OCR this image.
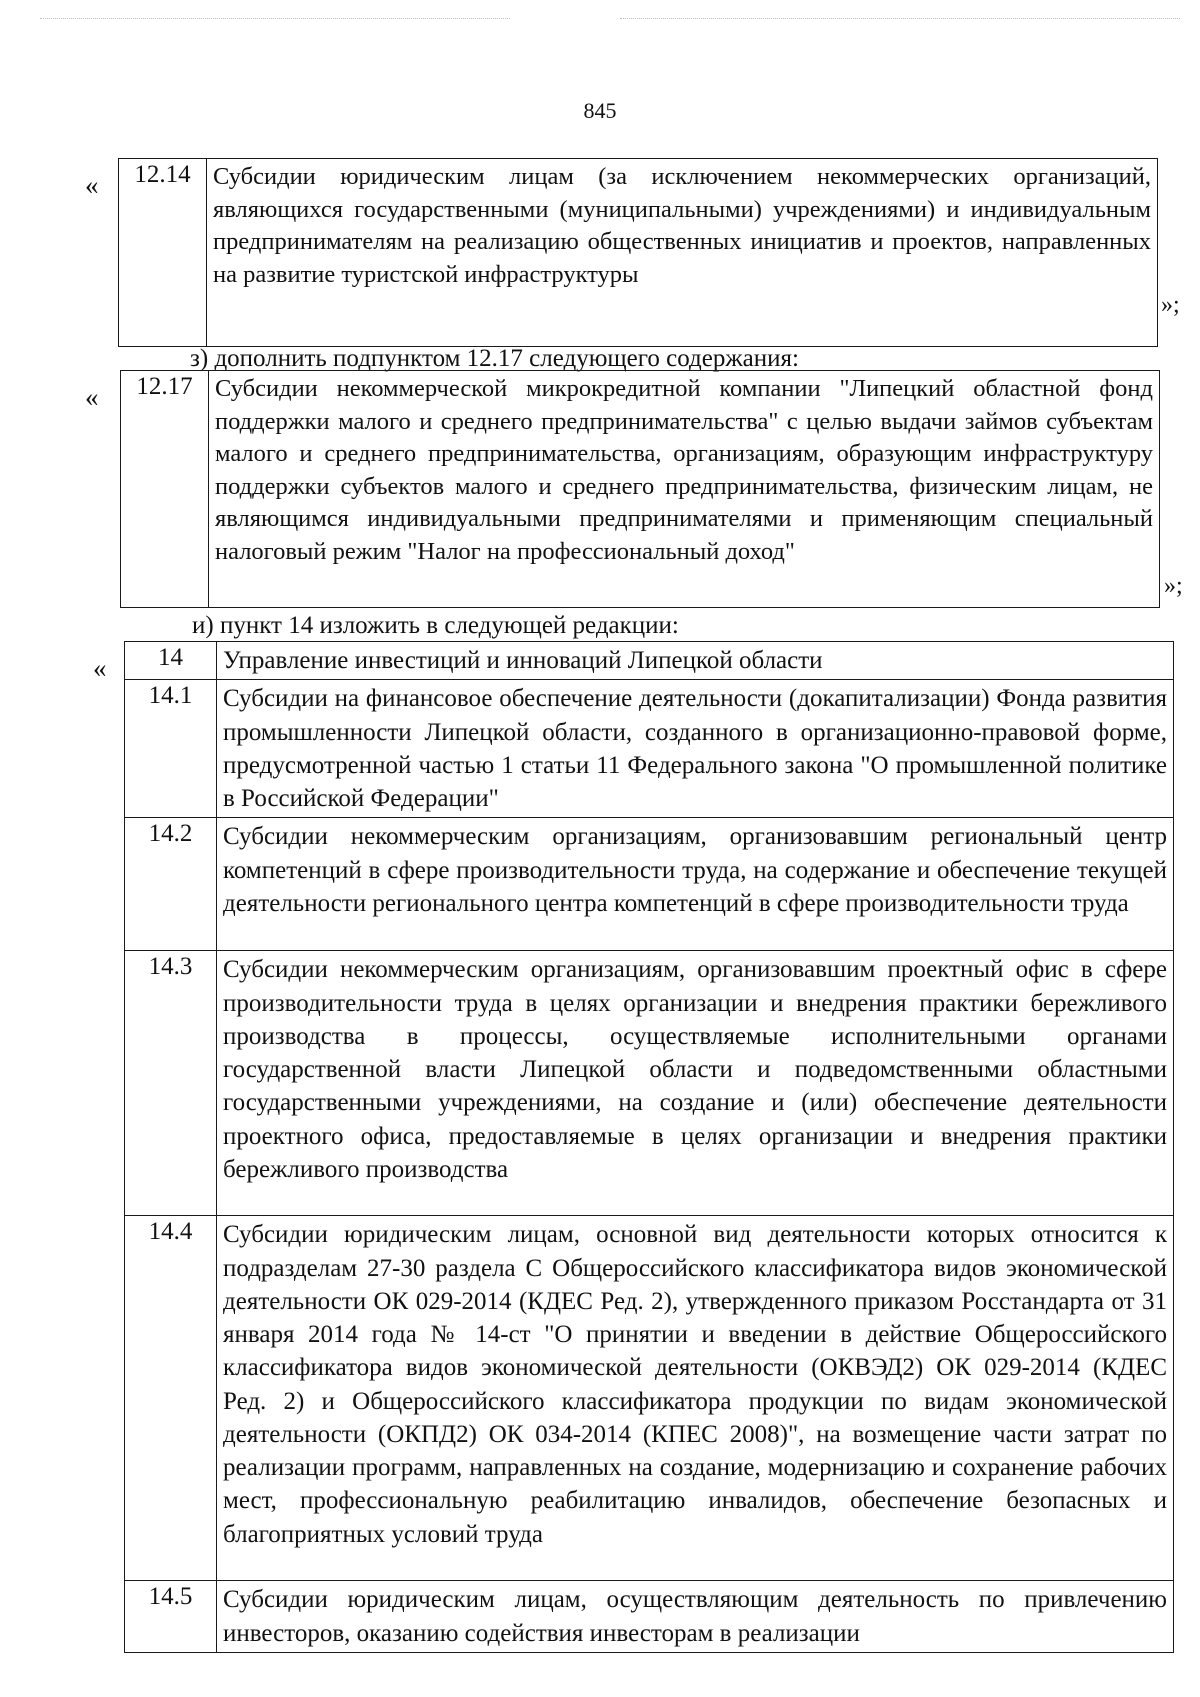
845
« 12.14	Субсидии юридическим лицам (за исключением некоммерческих организаций, являющихся государственными (муниципальными) учреждениями) и индивидуальным предпринимателям на реализацию общественных инициатив и проектов, направленных на развитие туристской инфраструктуры
»;
з) дополнить подпунктом 12.17 следующего содержания:
« 12.17	Субсидии некоммерческой микрокредитной компании "Липецкий областной фонд поддержки малого и среднего предпринимательства" с целью выдачи займов субъектам малого и среднего предпринимательства, организациям, образующим инфраструктуру поддержки субъектов малого и среднего предпринимательства, физическим лицам, не являющимся индивидуальными предпринимателями и применяющим специальный налоговый режим "Налог на профессиональный доход"
»;
и) пункт 14 изложить в следующей редакции:
« 14	Управление инвестиций и инноваций Липецкой области
14.1	Субсидии на финансовое обеспечение деятельности (докапитализации) Фонда развития промышленности Липецкой области, созданного в организационно-правовой форме, предусмотренной частью 1 статьи 11 Федерального закона "О промышленной политике в Российской Федерации"
14.2	Субсидии некоммерческим организациям, организовавшим региональный центр компетенций в сфере производительности труда, на содержание и обеспечение текущей деятельности регионального центра компетенций в сфере производительности труда
14.3	Субсидии некоммерческим организациям, организовавшим проектный офис в сфере производительности труда в целях организации и внедрения практики бережливого производства в процессы, осуществляемые исполнительными органами государственной власти Липецкой области и подведомственными областными государственными учреждениями, на создание и (или) обеспечение деятельности проектного офиса, предоставляемые в целях организации и внедрения практики бережливого производства
14.4	Субсидии юридическим лицам, основной вид деятельности которых относится к подразделам 27-30 раздела С Общероссийского классификатора видов экономической деятельности ОК 029-2014 (КДЕС Ред. 2), утвержденного приказом Росстандарта от 31 января 2014 года № 14-ст "О принятии и введении в действие Общероссийского классификатора видов экономической деятельности (ОКВЭД2) ОК 029-2014 (КДЕС Ред. 2) и Общероссийского классификатора продукции по видам экономической деятельности (ОКПД2) ОК 034-2014 (КПЕС 2008)", на возмещение части затрат по реализации программ, направленных на создание, модернизацию и сохранение рабочих мест, профессиональную реабилитацию инвалидов, обеспечение безопасных и благоприятных условий труда
14.5	Субсидии юридическим лицам, осуществляющим деятельность по привлечению инвесторов, оказанию содействия инвесторам в реализации
